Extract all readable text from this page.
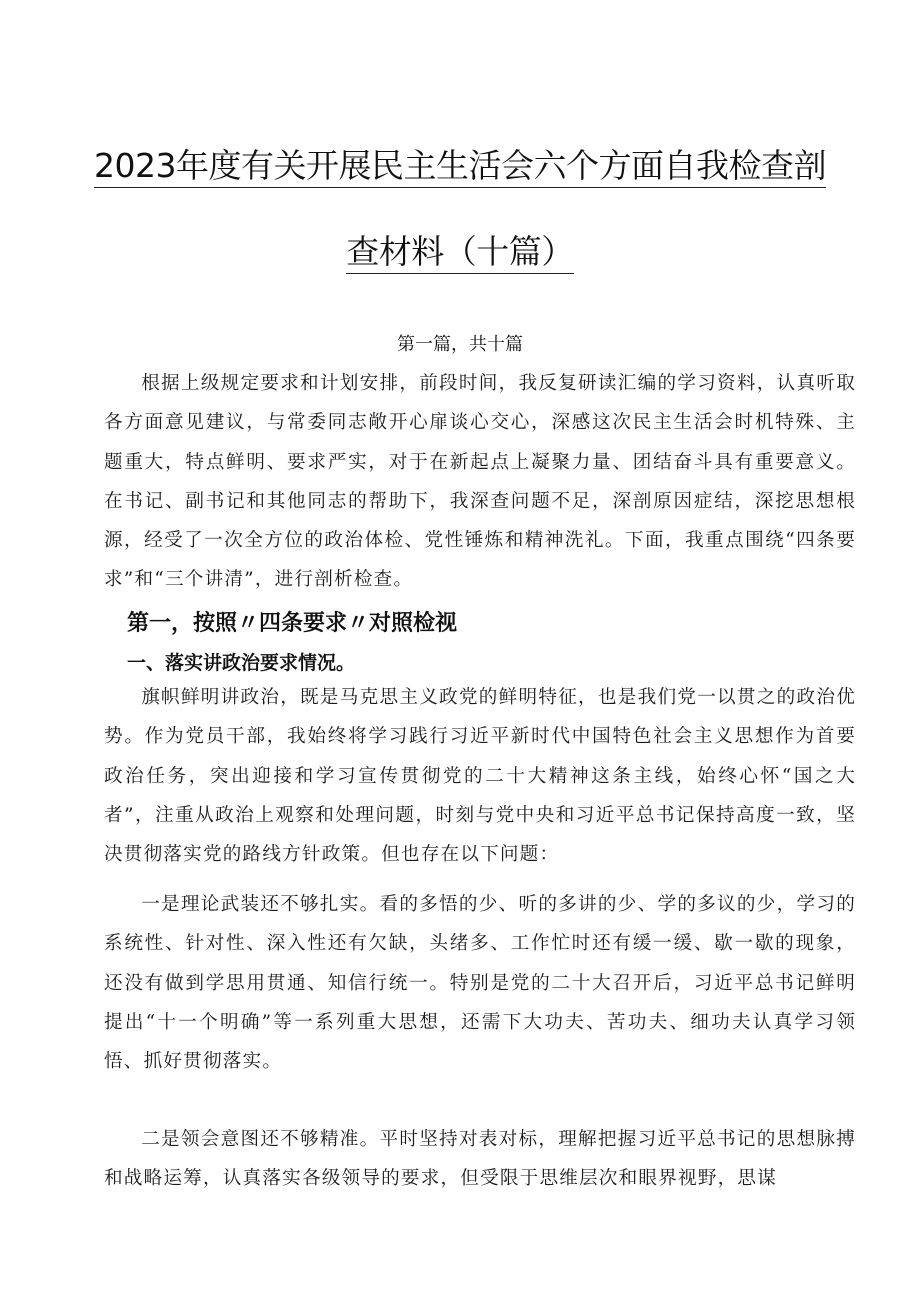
2023年度有关开展民主生活会六个方面自我检查剖
查材料（十篇）
第一篇，共十篇

根据上级规定要求和计划安排，前段时间，我反复研读汇编的学习资料，认真听取各方面意见建议，与常委同志敞开心扉谈心交心，深感这次民主生活会时机特殊、主题重大，特点鲜明、要求严实，对于在新起点上凝聚力量、团结奋斗具有重要意义。在书记、副书记和其他同志的帮助下，我深查问题不足，深剖原因症结，深挖思想根源，经受了一次全方位的政治体检、党性锤炼和精神洗礼。下面，我重点围绕“四条要求”和“三个讲清”，进行剖析检查。

第一，按照〃四条要求〃对照检视
一、落实讲政治要求情况。

旗帜鲜明讲政治，既是马克思主义政党的鲜明特征，也是我们党一以贯之的政治优势。作为党员干部，我始终将学习践行习近平新时代中国特色社会主义思想作为首要政治任务，突出迎接和学习宣传贯彻党的二十大精神这条主线，始终心怀“国之大者”，注重从政治上观察和处理问题，时刻与党中央和习近平总书记保持高度一致，坚决贯彻落实党的路线方针政策。但也存在以下问题：

一是理论武装还不够扎实。看的多悟的少、听的多讲的少、学的多议的少，学习的系统性、针对性、深入性还有欠缺，头绪多、工作忙时还有缓一缓、歇一歇的现象，还没有做到学思用贯通、知信行统一。特别是党的二十大召开后，习近平总书记鲜明提出“十一个明确”等一系列重大思想，还需下大功夫、苦功夫、细功夫认真学习领悟、抓好贯彻落实。

二是领会意图还不够精准。平时坚持对表对标，理解把握习近平总书记的思想脉搏和战略运筹，认真落实各级领导的要求，但受限于思维层次和眼界视野，思谋
